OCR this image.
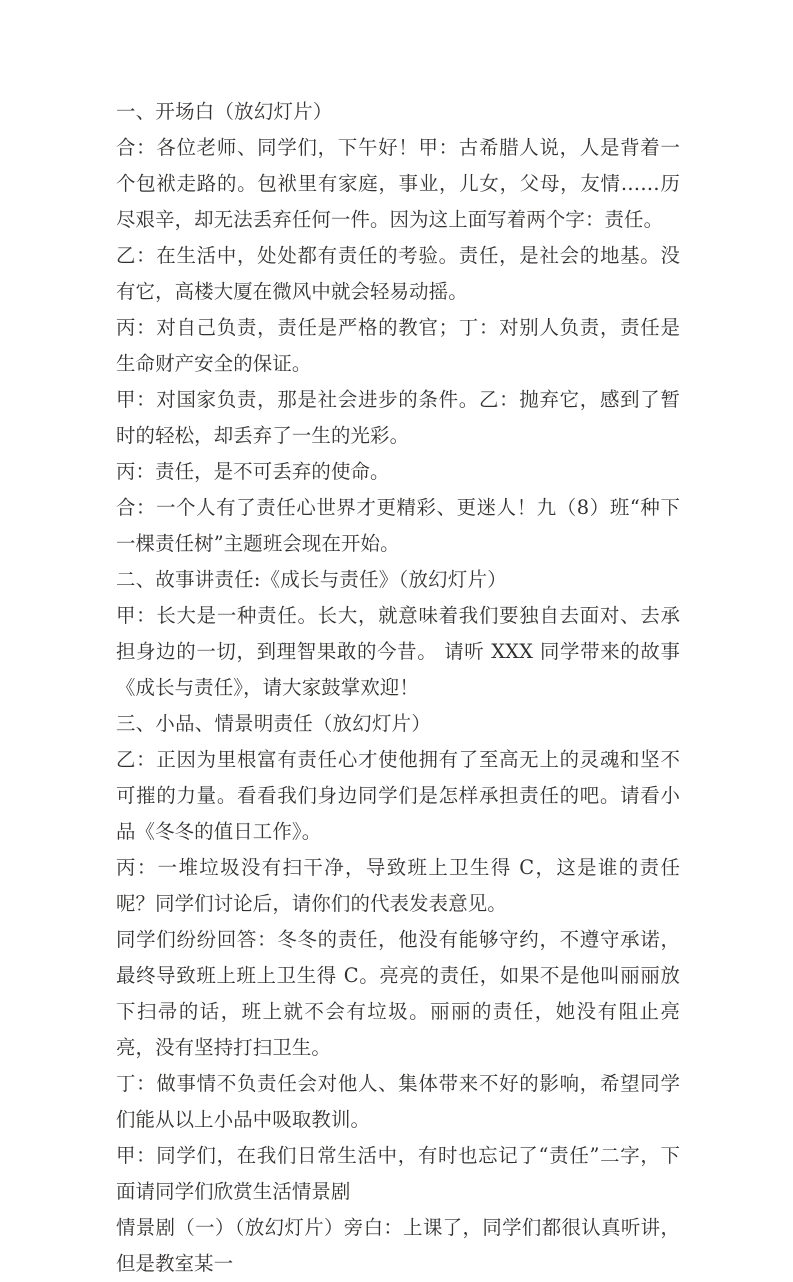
一、开场白（放幻灯片）

合：各位老师、同学们，下午好！甲：古希腊人说，人是背着一个包袱走路的。包袱里有家庭，事业，儿女，父母，友情……历尽艰辛，却无法丢弃任何一件。因为这上面写着两个字：责任。

乙：在生活中，处处都有责任的考验。责任，是社会的地基。没有它，高楼大厦在微风中就会轻易动摇。

丙：对自己负责，责任是严格的教官；丁：对别人负责，责任是生命财产安全的保证。

甲：对国家负责，那是社会进步的条件。乙：抛弃它，感到了暂时的轻松，却丢弃了一生的光彩。

丙：责任，是不可丢弃的使命。

合：一个人有了责任心世界才更精彩、更迷人！九（8）班“种下一棵责任树”主题班会现在开始。

二、故事讲责任:《成长与责任》（放幻灯片）

甲：长大是一种责任。长大，就意味着我们要独自去面对、去承担身边的一切，到理智果敢的今昔。 请听 XXX 同学带来的故事《成长与责任》，请大家鼓掌欢迎！

三、小品、情景明责任（放幻灯片）

乙：正因为里根富有责任心才使他拥有了至高无上的灵魂和坚不可摧的力量。看看我们身边同学们是怎样承担责任的吧。请看小品《冬冬的值日工作》。

丙：一堆垃圾没有扫干净，导致班上卫生得 C，这是谁的责任呢？同学们讨论后，请你们的代表发表意见。

同学们纷纷回答：冬冬的责任，他没有能够守约，不遵守承诺，最终导致班上班上卫生得 C。亮亮的责任，如果不是他叫丽丽放下扫帚的话，班上就不会有垃圾。丽丽的责任，她没有阻止亮亮，没有坚持打扫卫生。

丁：做事情不负责任会对他人、集体带来不好的影响，希望同学们能从以上小品中吸取教训。

甲：同学们，在我们日常生活中，有时也忘记了“责任”二字，下面请同学们欣赏生活情景剧

情景剧（一）（放幻灯片）旁白：上课了，同学们都很认真听讲，但是教室某一
